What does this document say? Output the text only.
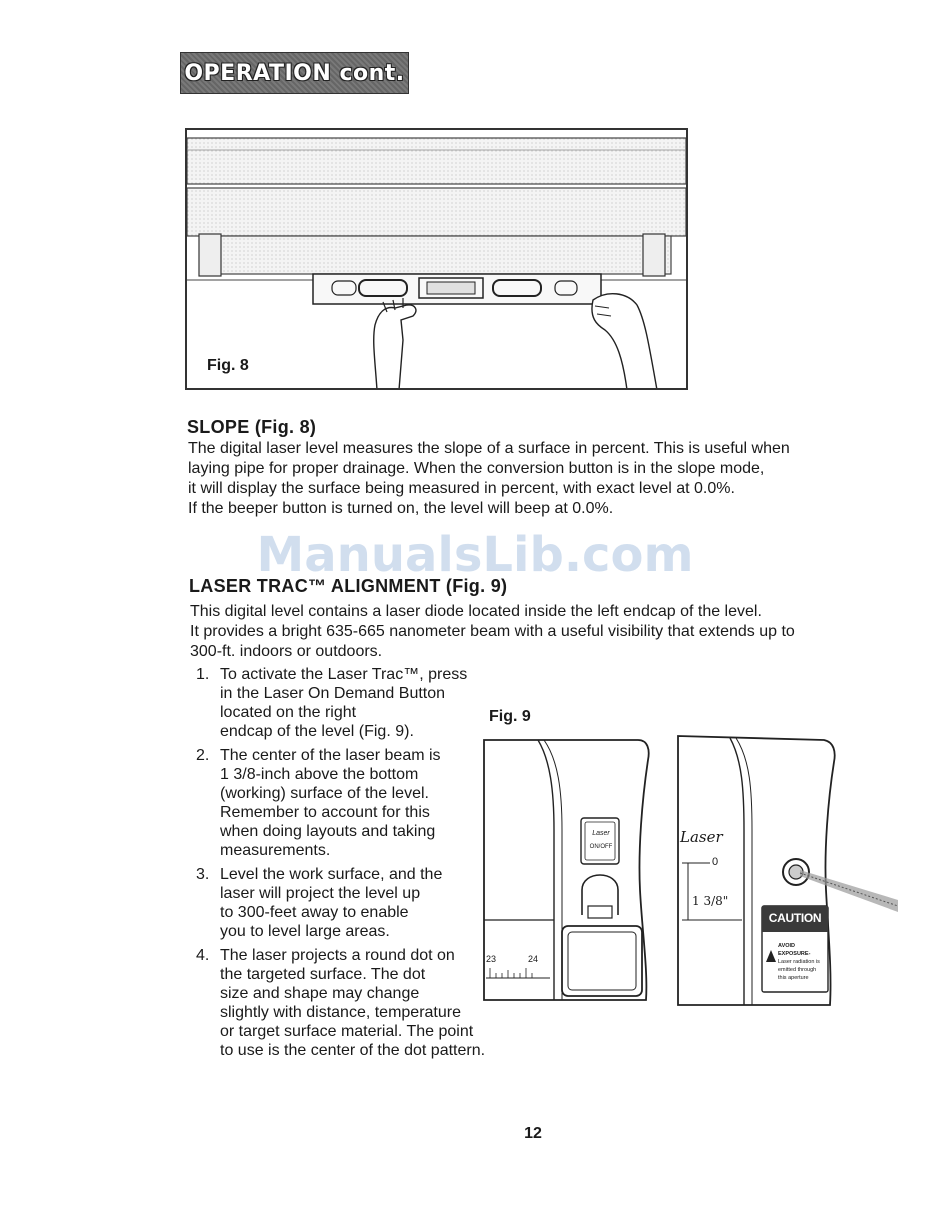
OPERATION cont.
Fig. 8
SLOPE (Fig. 8)
The digital laser level measures the slope of a surface in percent. This is useful when
laying pipe for proper drainage. When the conversion button is in the slope mode,
it will display the surface being measured in percent, with exact level at 0.0%.
If the beeper button is turned on, the level will beep at 0.0%.
ManualsLib.com
LASER TRAC™ ALIGNMENT (Fig. 9)
This digital level contains a laser diode located inside the left endcap of the level.
It provides a bright 635-665 nanometer beam with a useful visibility that extends up to
300-ft. indoors or outdoors.
1. To activate the Laser Trac™, press
in the Laser On Demand Button
located on the right
endcap of the level (Fig. 9).
2. The center of the laser beam is
1 3/8-inch above the bottom
(working) surface of the level.
Remember to account for this
when doing layouts and taking
measurements.
3. Level the work surface, and the
laser will project the level up
to 300-feet away to enable
you to level large areas.
4. The laser projects a round dot on
the targeted surface. The dot
size and shape may change
slightly with distance, temperature
or target surface material. The point
to use is the center of the dot pattern.
Fig. 9
Laser
ON/OFF
23	24
Laser
0
1 3/8"
CAUTION
AVOID EXPOSURE-
Laser radiation is
emitted through
this aperture
12
